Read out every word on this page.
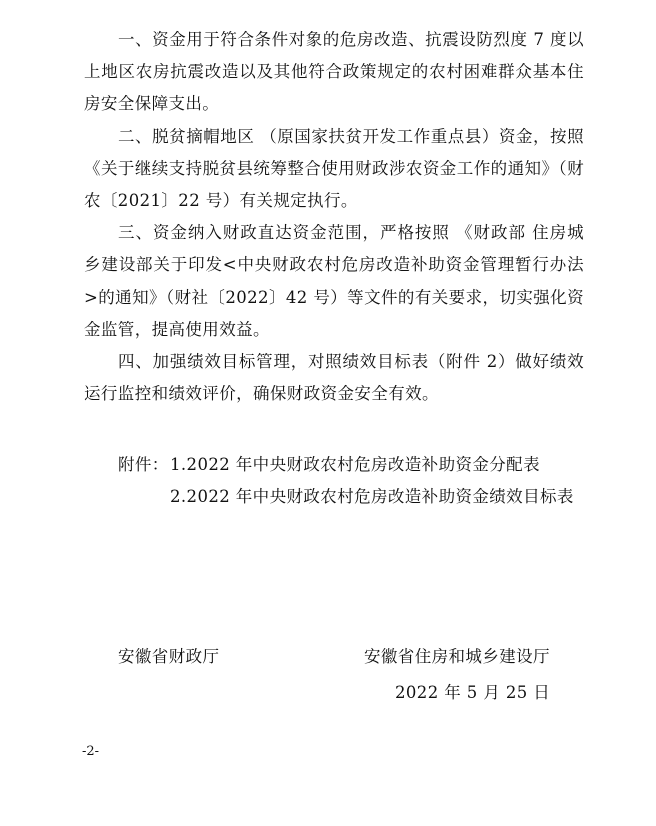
一、资金用于符合条件对象的危房改造、抗震设防烈度 7 度以上地区农房抗震改造以及其他符合政策规定的农村困难群众基本住房安全保障支出。

二、脱贫摘帽地区 （原国家扶贫开发工作重点县）资金，按照《关于继续支持脱贫县统筹整合使用财政涉农资金工作的通知》（财农〔2021〕22 号）有关规定执行。

三、资金纳入财政直达资金范围，严格按照 《财政部 住房城乡建设部关于印发<中央财政农村危房改造补助资金管理暂行办法>的通知》（财社〔2022〕42 号）等文件的有关要求，切实强化资金监管，提高使用效益。

四、加强绩效目标管理，对照绩效目标表（附件 2）做好绩效运行监控和绩效评价，确保财政资金安全有效。

附件： 1.2022 年中央财政农村危房改造补助资金分配表
2.2022 年中央财政农村危房改造补助资金绩效目标表
安徽省财政厅	安徽省住房和城乡建设厅
2022 年 5 月 25 日
-2-
